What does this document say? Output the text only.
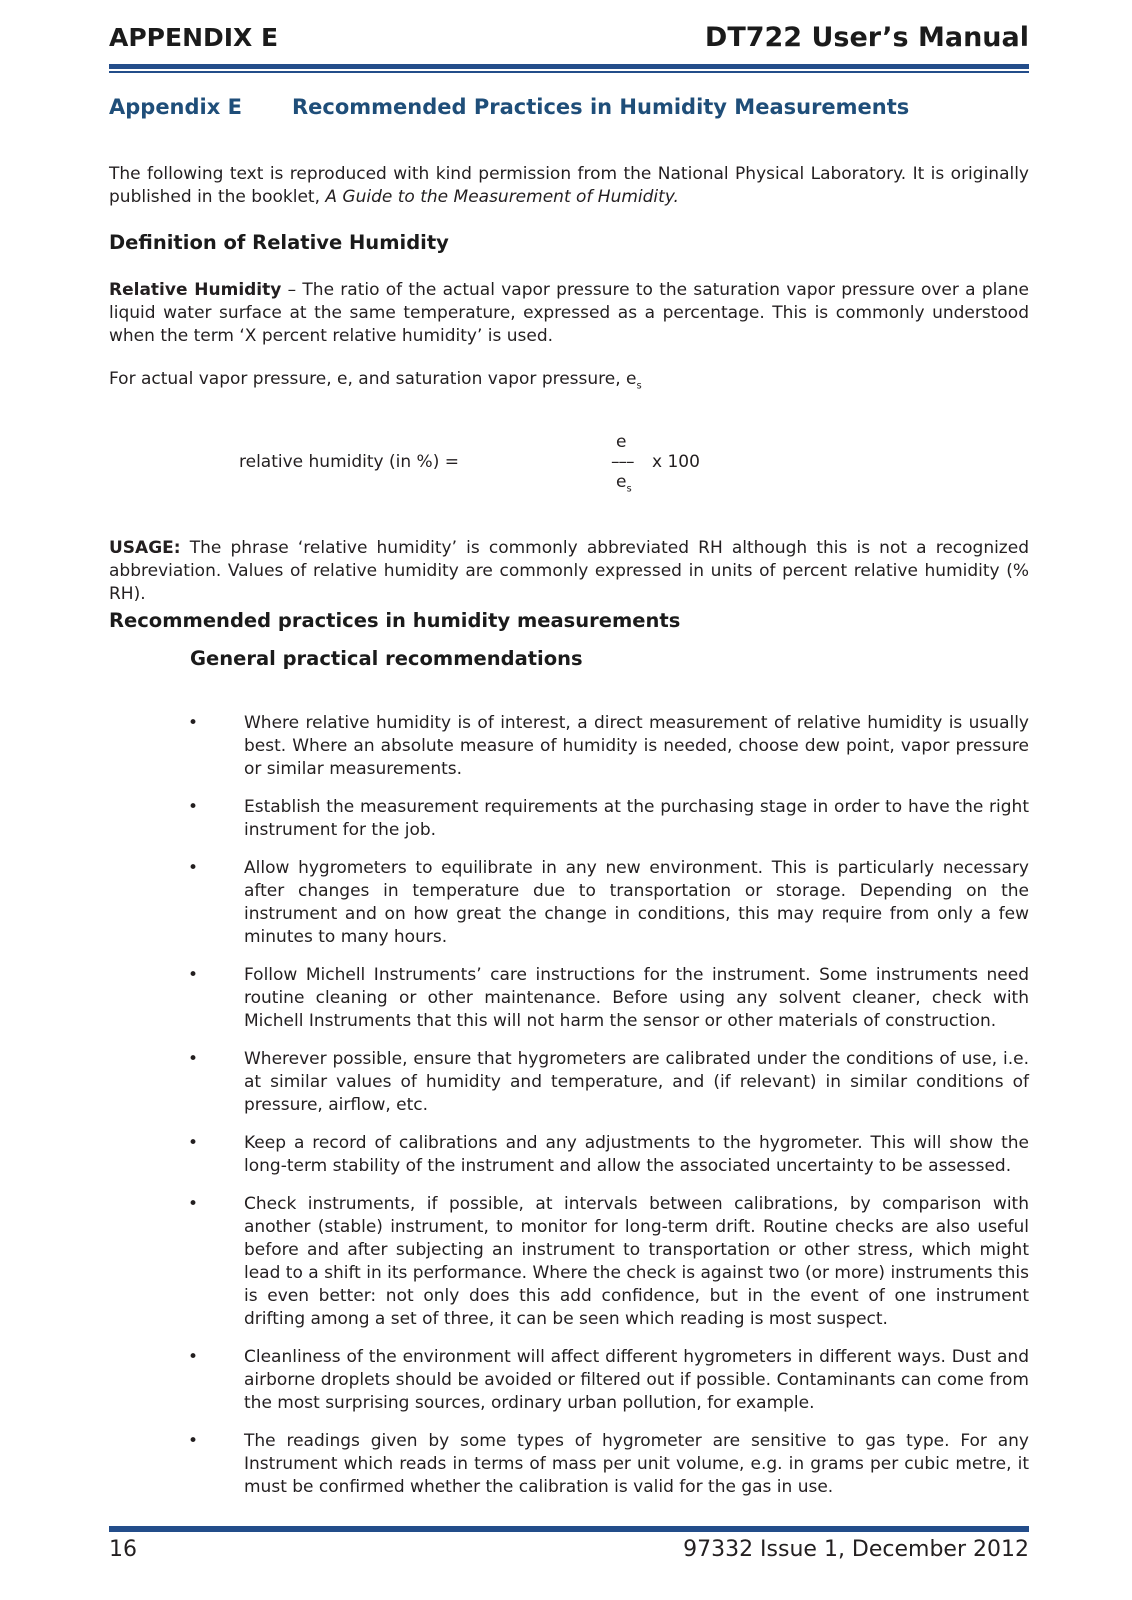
APPENDIX E	DT722 User’s Manual
Appendix E Recommended Practices in Humidity Measurements
The following text is reproduced with kind permission from the National Physical Laboratory. It is originally published in the booklet, A Guide to the Measurement of Humidity.
Definition of Relative Humidity
Relative Humidity – The ratio of the actual vapor pressure to the saturation vapor pressure over a plane liquid water surface at the same temperature, expressed as a percentage. This is commonly understood when the term ‘X percent relative humidity’ is used.
For actual vapor pressure, e, and saturation vapor pressure, $e_s$
relative humidity (in %) =
e
–––
$e_s$
x 100
USAGE: The phrase ‘relative humidity’ is commonly abbreviated RH although this is not a recognized abbreviation. Values of relative humidity are commonly expressed in units of percent relative humidity (% RH).
Recommended practices in humidity measurements
General practical recommendations
•	Where relative humidity is of interest, a direct measurement of relative humidity is usually best. Where an absolute measure of humidity is needed, choose dew point, vapor pressure or similar measurements.
•	Establish the measurement requirements at the purchasing stage in order to have the right instrument for the job.
•	Allow hygrometers to equilibrate in any new environment. This is particularly necessary after changes in temperature due to transportation or storage. Depending on the instrument and on how great the change in conditions, this may require from only a few minutes to many hours.
•	Follow Michell Instruments’ care instructions for the instrument. Some instruments need routine cleaning or other maintenance. Before using any solvent cleaner, check with Michell Instruments that this will not harm the sensor or other materials of construction.
•	Wherever possible, ensure that hygrometers are calibrated under the conditions of use, i.e. at similar values of humidity and temperature, and (if relevant) in similar conditions of pressure, airflow, etc.
•	Keep a record of calibrations and any adjustments to the hygrometer. This will show the long-term stability of the instrument and allow the associated uncertainty to be assessed.
•	Check instruments, if possible, at intervals between calibrations, by comparison with another (stable) instrument, to monitor for long-term drift. Routine checks are also useful before and after subjecting an instrument to transportation or other stress, which might lead to a shift in its performance. Where the check is against two (or more) instruments this is even better: not only does this add confidence, but in the event of one instrument drifting among a set of three, it can be seen which reading is most suspect.
•	Cleanliness of the environment will affect different hygrometers in different ways. Dust and airborne droplets should be avoided or filtered out if possible. Contaminants can come from the most surprising sources, ordinary urban pollution, for example.
•	The readings given by some types of hygrometer are sensitive to gas type. For any Instrument which reads in terms of mass per unit volume, e.g. in grams per cubic metre, it must be confirmed whether the calibration is valid for the gas in use.
16	97332 Issue 1, December 2012
